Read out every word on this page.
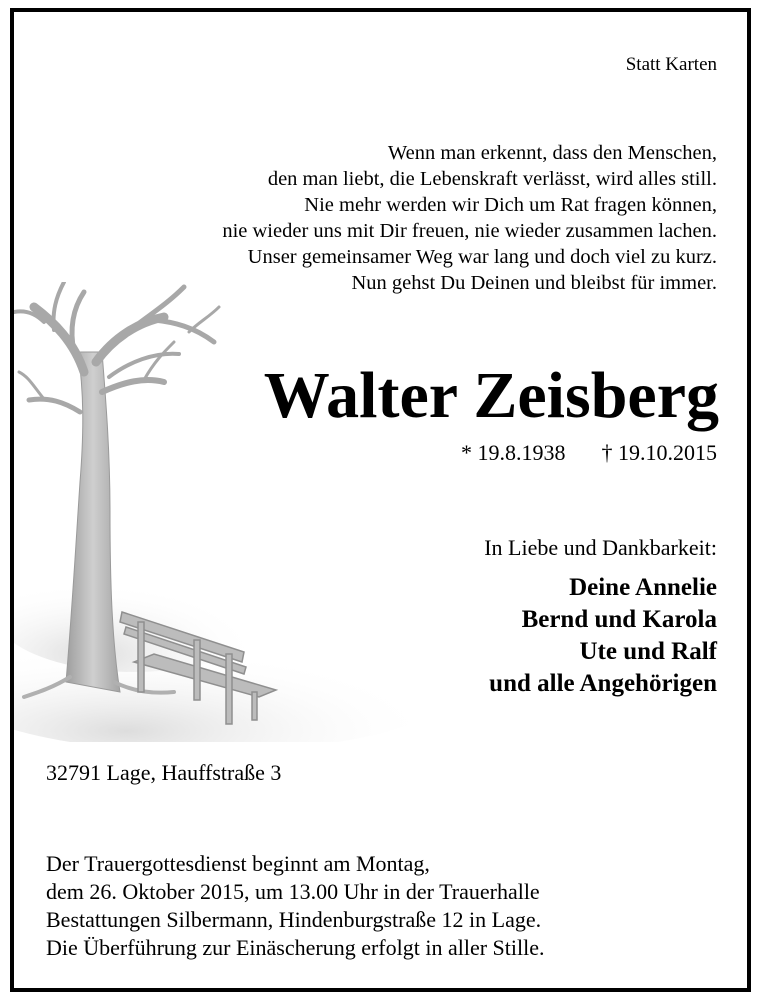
Statt Karten
Wenn man erkennt, dass den Menschen,
den man liebt, die Lebenskraft verlässt, wird alles still.
Nie mehr werden wir Dich um Rat fragen können,
nie wieder uns mit Dir freuen, nie wieder zusammen lachen.
Unser gemeinsamer Weg war lang und doch viel zu kurz.
Nun gehst Du Deinen und bleibst für immer.
Walter Zeisberg
* 19.8.1938 † 19.10.2015
In Liebe und Dankbarkeit:
Deine Annelie
Bernd und Karola
Ute und Ralf
und alle Angehörigen
32791 Lage, Hauffstraße 3
Der Trauergottesdienst beginnt am Montag,
dem 26. Oktober 2015, um 13.00 Uhr in der Trauerhalle
Bestattungen Silbermann, Hindenburgstraße 12 in Lage.
Die Überführung zur Einäscherung erfolgt in aller Stille.
